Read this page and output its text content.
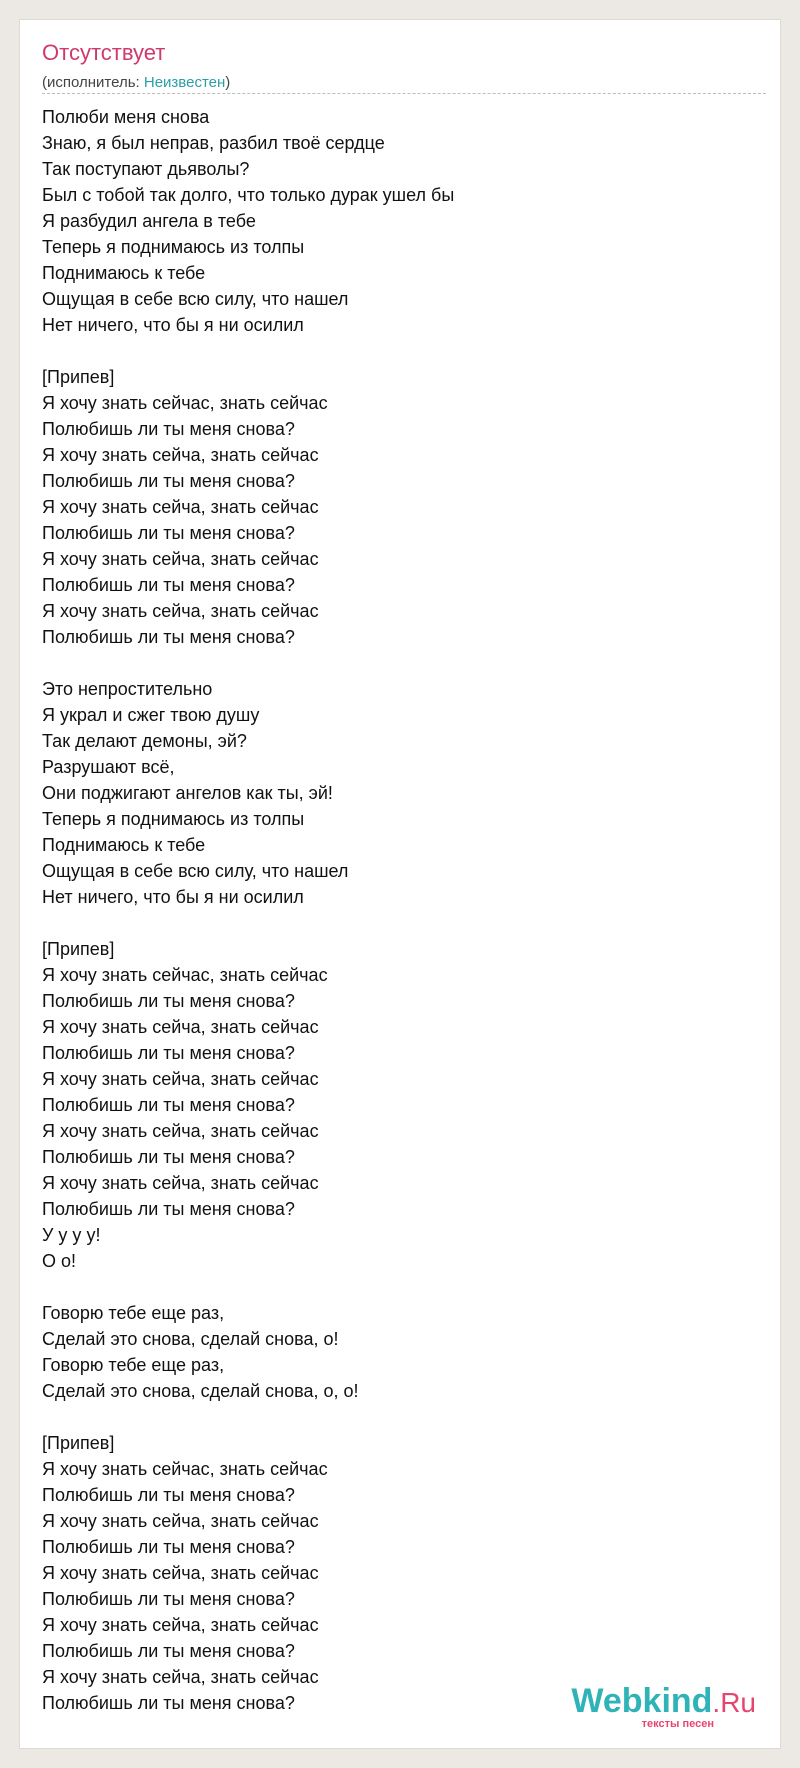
Отсутствует
(исполнитель: Неизвестен)
Полюби меня снова
Знаю, я был неправ, разбил твоё сердце
Так поступают дьяволы?
Был с тобой так долго, что только дурак ушел бы
Я разбудил ангела в тебе
Теперь я поднимаюсь из толпы
Поднимаюсь к тебе
Ощущая в себе всю силу, что нашел
Нет ничего, что бы я ни осилил
[Припев]
Я хочу знать сейчас, знать сейчас
Полюбишь ли ты меня снова?
Я хочу знать сейча, знать сейчас
Полюбишь ли ты меня снова?
Я хочу знать сейча, знать сейчас
Полюбишь ли ты меня снова?
Я хочу знать сейча, знать сейчас
Полюбишь ли ты меня снова?
Я хочу знать сейча, знать сейчас
Полюбишь ли ты меня снова?
Это непростительно
Я украл и сжег твою душу
Так делают демоны, эй?
Разрушают всё,
Они поджигают ангелов как ты, эй!
Теперь я поднимаюсь из толпы
Поднимаюсь к тебе
Ощущая в себе всю силу, что нашел
Нет ничего, что бы я ни осилил
[Припев]
Я хочу знать сейчас, знать сейчас
Полюбишь ли ты меня снова?
Я хочу знать сейча, знать сейчас
Полюбишь ли ты меня снова?
Я хочу знать сейча, знать сейчас
Полюбишь ли ты меня снова?
Я хочу знать сейча, знать сейчас
Полюбишь ли ты меня снова?
Я хочу знать сейча, знать сейчас
Полюбишь ли ты меня снова?
У у у у!
О о!
Говорю тебе еще раз,
Сделай это снова, сделай снова, о!
Говорю тебе еще раз,
Сделай это снова, сделай снова, о, о!
[Припев]
Я хочу знать сейчас, знать сейчас
Полюбишь ли ты меня снова?
Я хочу знать сейча, знать сейчас
Полюбишь ли ты меня снова?
Я хочу знать сейча, знать сейчас
Полюбишь ли ты меня снова?
Я хочу знать сейча, знать сейчас
Полюбишь ли ты меня снова?
Я хочу знать сейча, знать сейчас
Полюбишь ли ты меня снова?	Webkind.Ru
тексты песен
